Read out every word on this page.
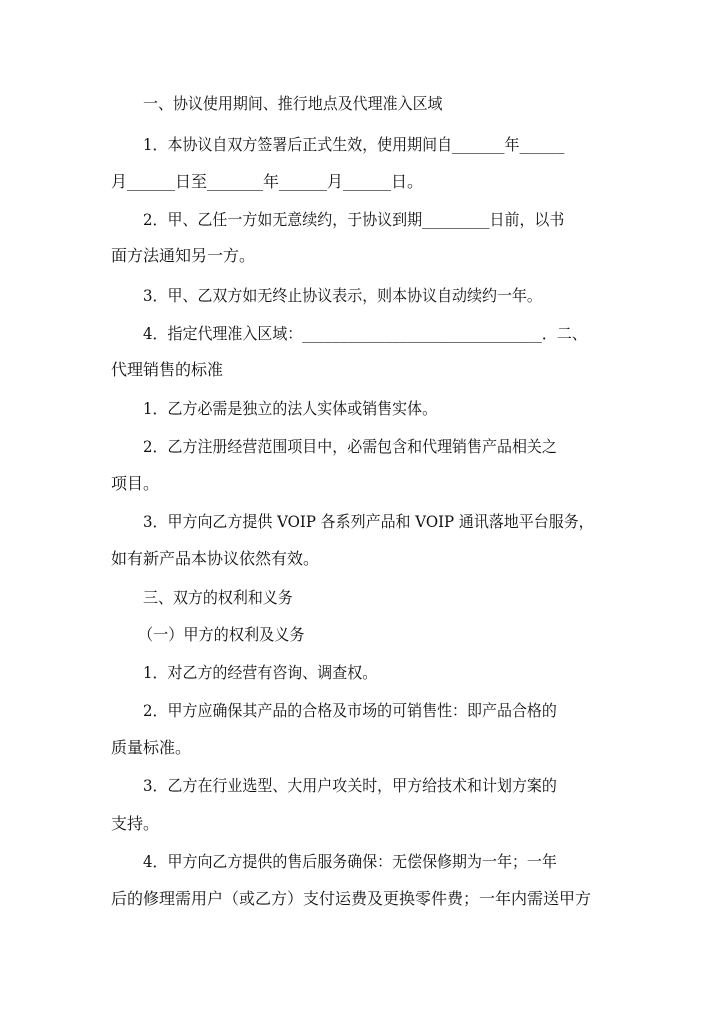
一、协议使用期间、推行地点及代理准入区域
1．本协议自双方签署后正式生效，使用期间自_______年______
月______日至_______年______月______日。
2．甲、乙任一方如无意续约，于协议到期_________日前，以书
面方法通知另一方。
3．甲、乙双方如无终止协议表示，则本协议自动续约一年。
4．指定代理准入区域：________________________________．二、
代理销售的标准
1．乙方必需是独立的法人实体或销售实体。
2．乙方注册经营范围项目中，必需包含和代理销售产品相关之
项目。
3．甲方向乙方提供 VOIP 各系列产品和 VOIP 通讯落地平台服务，
如有新产品本协议依然有效。
三、双方的权利和义务
（一）甲方的权利及义务
1．对乙方的经营有咨询、调查权。
2．甲方应确保其产品的合格及市场的可销售性：即产品合格的
质量标准。
3．乙方在行业选型、大用户攻关时，甲方给技术和计划方案的
支持。
4．甲方向乙方提供的售后服务确保：无偿保修期为一年；一年
后的修理需用户（或乙方）支付运费及更换零件费；一年内需送甲方
